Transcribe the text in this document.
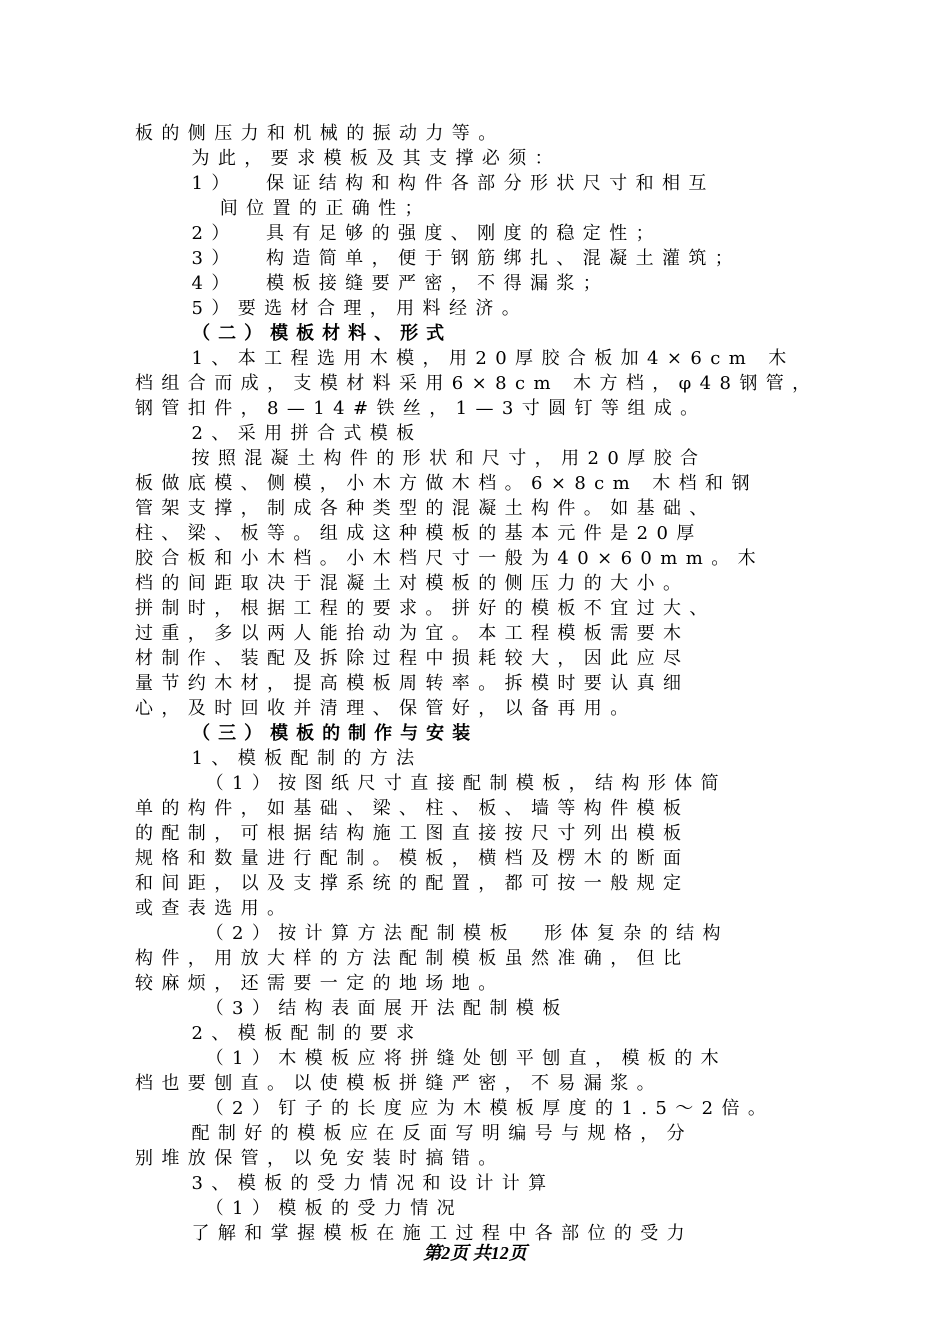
板的侧压力和机械的振动力等。
为此，要求模板及其支撑必须：
1）  保证结构和构件各部分形状尺寸和相互
间位置的正确性；
2）  具有足够的强度、刚度的稳定性；
3）  构造简单，便于钢筋绑扎、混凝土灌筑；
4）  模板接缝要严密，不得漏浆；
5）要选材合理，用料经济。
（二）模板材料、形式
1、本工程选用木模，用20厚胶合板加4×6cm 木
档组合而成，支模材料采用6×8cm 木方档，φ48钢管，
钢管扣件，8—14#铁丝，1—3寸圆钉等组成。
2、采用拼合式模板
按照混凝土构件的形状和尺寸，用20厚胶合
板做底模、侧模，小木方做木档。6×8cm 木档和钢
管架支撑，制成各种类型的混凝土构件。如基础、
柱、梁、板等。组成这种模板的基本元件是20厚
胶合板和小木档。小木档尺寸一般为40×60mm。木
档的间距取决于混凝土对模板的侧压力的大小。
拼制时，根据工程的要求。拼好的模板不宜过大、
过重，多以两人能抬动为宜。本工程模板需要木
材制作、装配及拆除过程中损耗较大，因此应尽
量节约木材，提高模板周转率。拆模时要认真细
心，及时回收并清理、保管好，以备再用。
（三）模板的制作与安装
1、模板配制的方法
（1）按图纸尺寸直接配制模板，结构形体简
单的构件，如基础、梁、柱、板、墙等构件模板
的配制，可根据结构施工图直接按尺寸列出模板
规格和数量进行配制。模板，横档及楞木的断面
和间距，以及支撑系统的配置，都可按一般规定
或查表选用。
（2）按计算方法配制模板  形体复杂的结构
构件，用放大样的方法配制模板虽然准确，但比
较麻烦，还需要一定的地场地。
（3）结构表面展开法配制模板
2、模板配制的要求
（1）木模板应将拼缝处刨平刨直，模板的木
档也要刨直。以使模板拼缝严密，不易漏浆。
（2）钉子的长度应为木模板厚度的1.5～2倍。
配制好的模板应在反面写明编号与规格，分
别堆放保管，以免安装时搞错。
3、模板的受力情况和设计计算
（1）模板的受力情况
了解和掌握模板在施工过程中各部位的受力
第2页 共12页
